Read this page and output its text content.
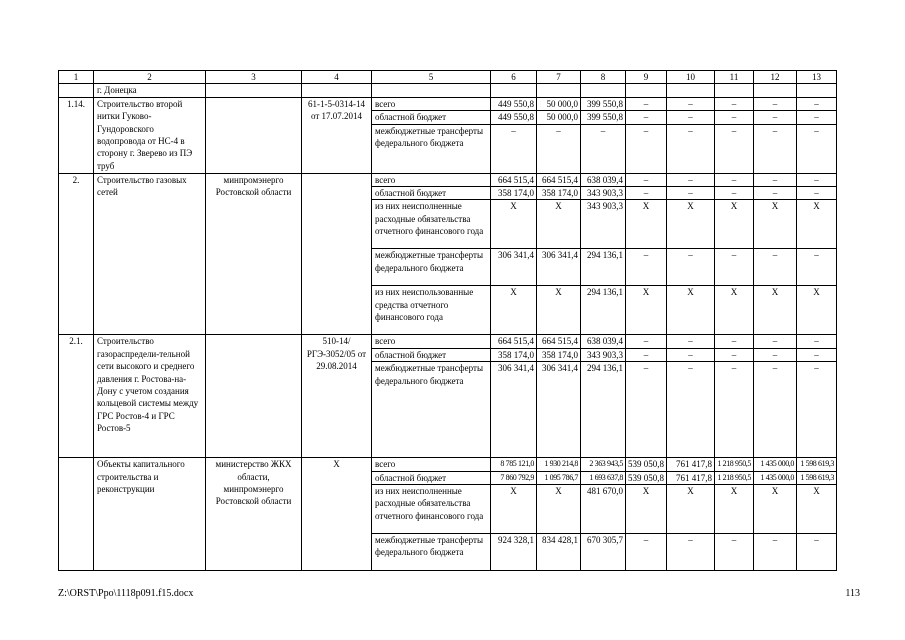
1	2	3	4	5	6	7	8	9	10	11	12	13
	г. Донецка											
1.14.	Строительство второй нитки Гуково-Гундоровского водопровода от НС-4 в сторону г. Зверево из ПЭ труб		61-1-5-0314-14 от 17.07.2014	всего	449 550,8	50 000,0	399 550,8	–	–	–	–	–
				областной бюджет	449 550,8	50 000,0	399 550,8	–	–	–	–	–
				межбюджетные трансферты федерального бюджета	–	–	–	–	–	–	–	–
2.	Строительство газовых сетей	минпромэнерго Ростовской области		всего	664 515,4	664 515,4	638 039,4	–	–	–	–	–
				областной бюджет	358 174,0	358 174,0	343 903,3	–	–	–	–	–
				из них неисполненные расходные обязательства отчетного финансового года	Х	Х	343 903,3	Х	Х	Х	Х	Х
				межбюджетные трансферты федерального бюджета	306 341,4	306 341,4	294 136,1	–	–	–	–	–
				из них неиспользованные средства отчетного финансового года	Х	Х	294 136,1	Х	Х	Х	Х	Х
2.1.	Строительство газораспредели-тельной сети высокого и среднего давления г. Ростова-на-Дону с учетом создания кольцевой системы между ГРС Ростов-4 и ГРС Ростов-5		510-14/РГЭ-3052/05 от 29.08.2014	всего	664 515,4	664 515,4	638 039,4	–	–	–	–	–
				областной бюджет	358 174,0	358 174,0	343 903,3	–	–	–	–	–
				межбюджетные трансферты федерального бюджета	306 341,4	306 341,4	294 136,1	–	–	–	–	–
	Объекты капитального строительства и реконструкции	министерство ЖКХ области, минпромэнерго Ростовской области	Х	всего	8 785 121,0	1 930 214,8	2 363 943,5	539 050,8	761 417,8	1 218 950,5	1 435 000,0	1 598 619,3
				областной бюджет	7 860 792,9	1 095 786,7	1 693 637,8	539 050,8	761 417,8	1 218 950,5	1 435 000,0	1 598 619,3
				из них неисполненные расходные обязательства отчетного финансового года	Х	Х	481 670,0	Х	Х	Х	Х	Х
				межбюджетные трансферты федерального бюджета	924 328,1	834 428,1	670 305,7	–	–	–	–	–
Z:\ORST\Ppo\1118p091.f15.docx	113
